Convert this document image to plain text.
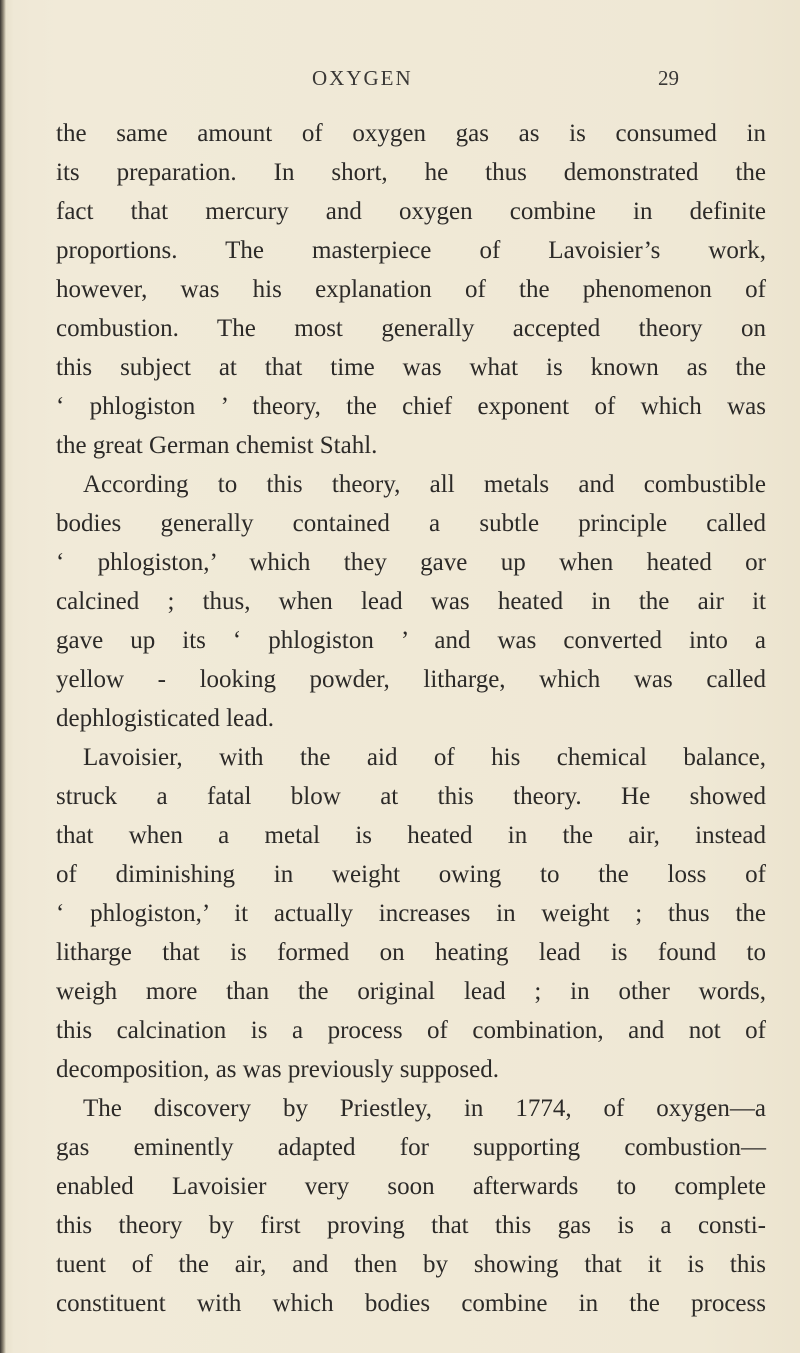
OXYGEN	29
the same amount of oxygen gas as is consumed in
its preparation. In short, he thus demonstrated the
fact that mercury and oxygen combine in definite
proportions. The masterpiece of Lavoisier’s work,
however, was his explanation of the phenomenon of
combustion. The most generally accepted theory on
this subject at that time was what is known as the
‘ phlogiston ’ theory, the chief exponent of which was
the great German chemist Stahl.
According to this theory, all metals and combustible
bodies generally contained a subtle principle called
‘ phlogiston,’ which they gave up when heated or
calcined ; thus, when lead was heated in the air it
gave up its ‘ phlogiston ’ and was converted into a
yellow - looking powder, litharge, which was called
dephlogisticated lead.
Lavoisier, with the aid of his chemical balance,
struck a fatal blow at this theory. He showed
that when a metal is heated in the air, instead
of diminishing in weight owing to the loss of
‘ phlogiston,’ it actually increases in weight ; thus the
litharge that is formed on heating lead is found to
weigh more than the original lead ; in other words,
this calcination is a process of combination, and not of
decomposition, as was previously supposed.
The discovery by Priestley, in 1774, of oxygen—a
gas eminently adapted for supporting combustion—
enabled Lavoisier very soon afterwards to complete
this theory by first proving that this gas is a consti-
tuent of the air, and then by showing that it is this
constituent with which bodies combine in the process
